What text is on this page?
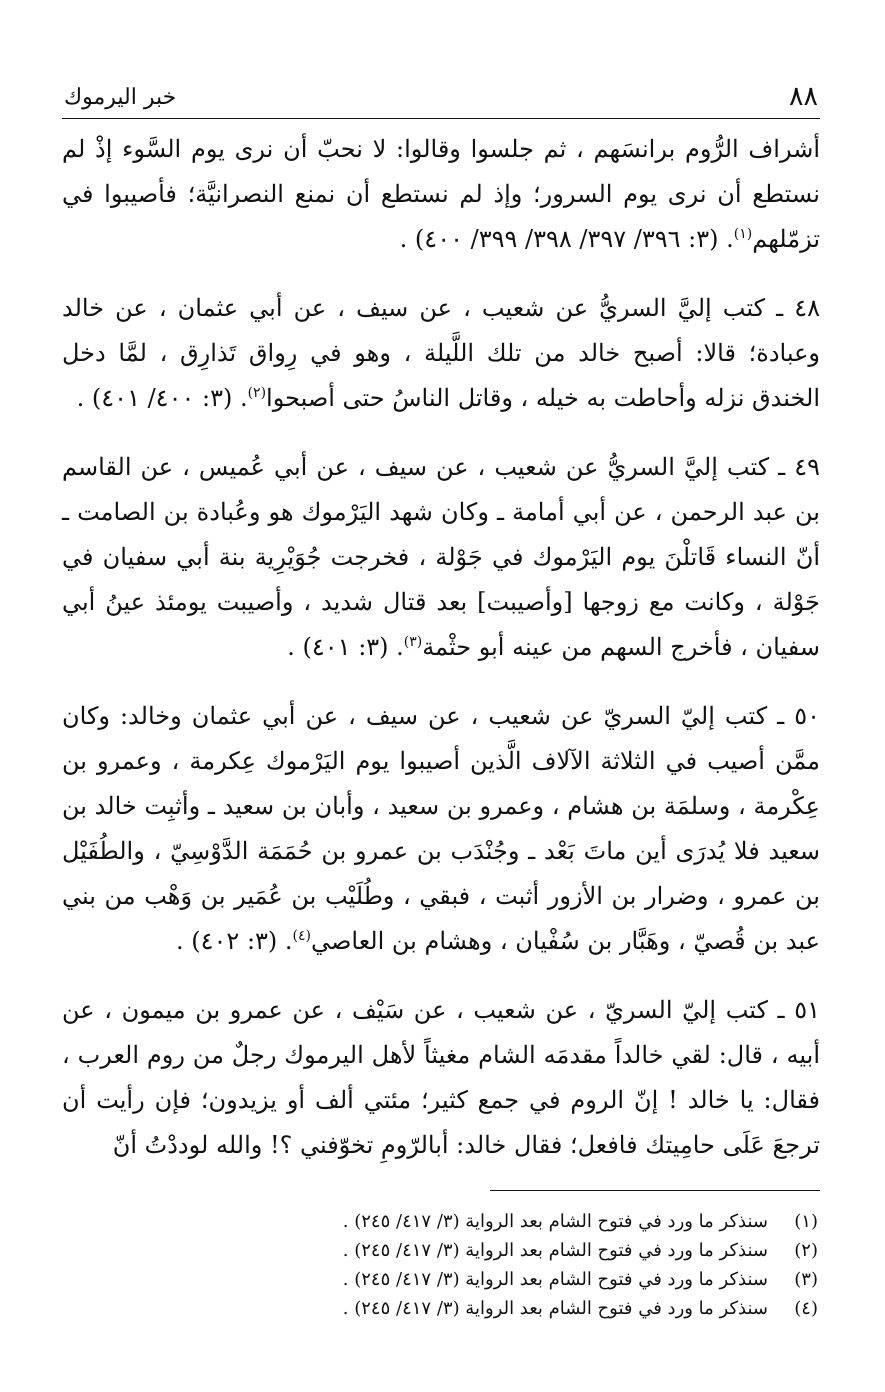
٨٨
خبر اليرموك

أشراف الرُّوم برانسَهم ، ثم جلسوا وقالوا: لا نحبّ أن نرى يوم السَّوء إذْ لم نستطع أن نرى يوم السرور؛ وإذ لم نستطع أن نمنع النصرانيَّة؛ فأصيبوا في تزمّلهم$^{(١)}$. (٣: ٣٩٦/ ٣٩٧/ ٣٩٨/ ٣٩٩/ ٤٠٠) .

٤٨ ـ كتب إليَّ السريُّ عن شعيب ، عن سيف ، عن أبي عثمان ، عن خالد وعبادة؛ قالا: أصبح خالد من تلك اللَّيلة ، وهو في رِواق تَذارِق ، لمَّا دخل الخندق نزله وأحاطت به خيله ، وقاتل الناسُ حتى أصبحوا$^{(٢)}$. (٣: ٤٠٠/ ٤٠١) .

٤٩ ـ كتب إليَّ السريُّ عن شعيب ، عن سيف ، عن أبي عُميس ، عن القاسم بن عبد الرحمن ، عن أبي أمامة ـ وكان شهد اليَرْموك هو وعُبادة بن الصامت ـ أنّ النساء قَاتلْنَ يوم اليَرْموك في جَوْلة ، فخرجت جُوَيْرِية بنة أبي سفيان في جَوْلة ، وكانت مع زوجها [وأصيبت] بعد قتال شديد ، وأصيبت يومئذ عينُ أبي سفيان ، فأخرج السهم من عينه أبو حثْمة$^{(٣)}$. (٣: ٤٠١) .

٥٠ ـ كتب إليّ السريّ عن شعيب ، عن سيف ، عن أبي عثمان وخالد: وكان ممَّن أصيب في الثلاثة الآلاف الَّذين أصيبوا يوم اليَرْموك عِكرمة ، وعمرو بن عِكْرمة ، وسلمَة بن هشام ، وعمرو بن سعيد ، وأبان بن سعيد ـ وأثبِت خالد بن سعيد فلا يُدرَى أين ماتَ بَعْد ـ وجُنْدَب بن عمرو بن حُمَمَة الدَّوْسِيّ ، والطُفَيْل بن عمرو ، وضرار بن الأزور أثبت ، فبقي ، وطُلَيْب بن عُمَير بن وَهْب من بني عبد بن قُصيّ ، وهَبَّار بن سُفْيان ، وهشام بن العاصي$^{(٤)}$. (٣: ٤٠٢) .

٥١ ـ كتب إليّ السريّ ، عن شعيب ، عن سَيْف ، عن عمرو بن ميمون ، عن أبيه ، قال: لقي خالداً مقدمَه الشام مغيثاً لأهل اليرموك رجلٌ من روم العرب ، فقال: يا خالد ! إنّ الروم في جمع كثير؛ مئتي ألف أو يزيدون؛ فإن رأيت أن ترجعَ عَلَى حامِيتك فافعل؛ فقال خالد: أبالرّومِ تخوّفني ؟! والله لوددْتُ أنّ

(١)
سنذكر ما ورد في فتوح الشام بعد الرواية (٣/ ٤١٧/ ٢٤٥) .
(٢)
سنذكر ما ورد في فتوح الشام بعد الرواية (٣/ ٤١٧/ ٢٤٥) .
(٣)
سنذكر ما ورد في فتوح الشام بعد الرواية (٣/ ٤١٧/ ٢٤٥) .
(٤)
سنذكر ما ورد في فتوح الشام بعد الرواية (٣/ ٤١٧/ ٢٤٥) .
